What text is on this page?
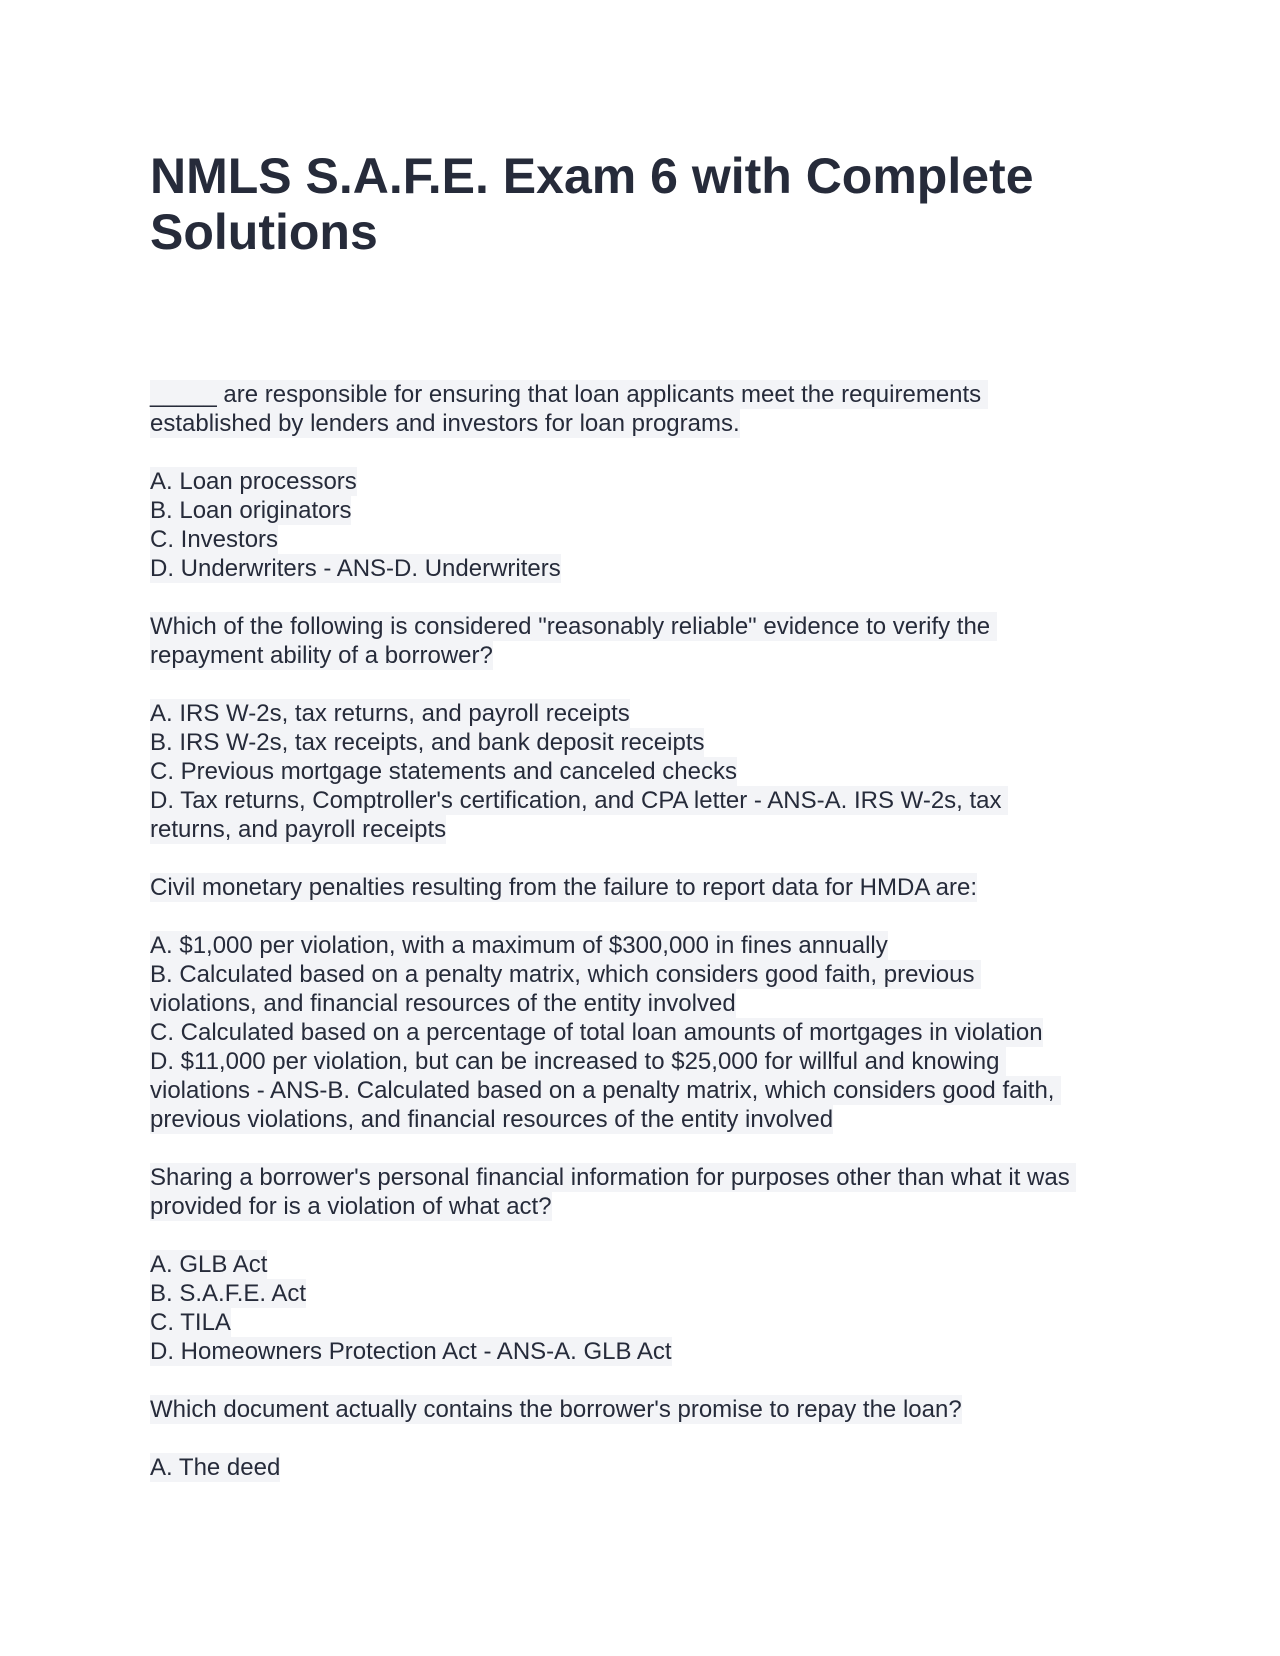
NMLS S.A.F.E. Exam 6 with Complete
Solutions
_____ are responsible for ensuring that loan applicants meet the requirements
established by lenders and investors for loan programs.
A. Loan processors
B. Loan originators
C. Investors
D. Underwriters - ANS-D. Underwriters
Which of the following is considered "reasonably reliable" evidence to verify the
repayment ability of a borrower?
A. IRS W-2s, tax returns, and payroll receipts
B. IRS W-2s, tax receipts, and bank deposit receipts
C. Previous mortgage statements and canceled checks
D. Tax returns, Comptroller's certification, and CPA letter - ANS-A. IRS W-2s, tax
returns, and payroll receipts
Civil monetary penalties resulting from the failure to report data for HMDA are:
A. $1,000 per violation, with a maximum of $300,000 in fines annually
B. Calculated based on a penalty matrix, which considers good faith, previous
violations, and financial resources of the entity involved
C. Calculated based on a percentage of total loan amounts of mortgages in violation
D. $11,000 per violation, but can be increased to $25,000 for willful and knowing
violations - ANS-B. Calculated based on a penalty matrix, which considers good faith,
previous violations, and financial resources of the entity involved
Sharing a borrower's personal financial information for purposes other than what it was
provided for is a violation of what act?
A. GLB Act
B. S.A.F.E. Act
C. TILA
D. Homeowners Protection Act - ANS-A. GLB Act
Which document actually contains the borrower's promise to repay the loan?
A. The deed
